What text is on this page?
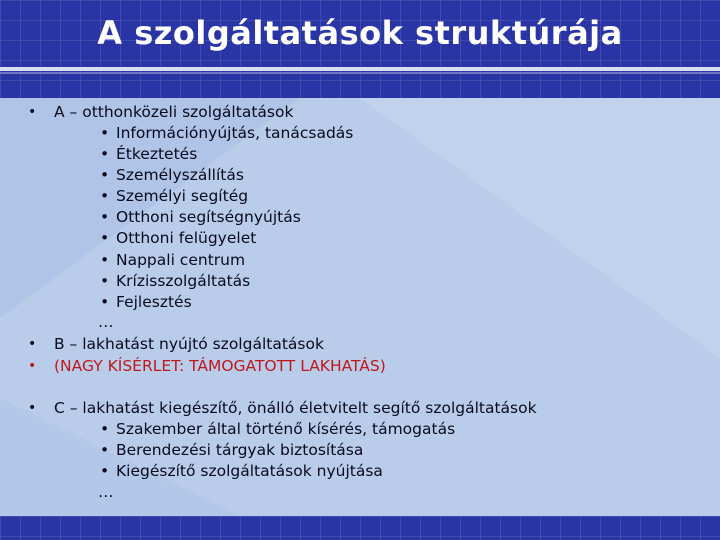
A szolgáltatások struktúrája
• A – otthonközeli szolgáltatások
• Információnyújtás, tanácsadás
• Étkeztetés
• Személyszállítás
• Személyi segítég
• Otthoni segítségnyújtás
• Otthoni felügyelet
• Nappali centrum
• Krízisszolgáltatás
• Fejlesztés
…
• B – lakhatást nyújtó szolgáltatások
• (NAGY KÍSÉRLET: TÁMOGATOTT LAKHATÁS)
• C – lakhatást kiegészítő, önálló életvitelt segítő szolgáltatások
• Szakember által történő kísérés, támogatás
• Berendezési tárgyak biztosítása
• Kiegészítő szolgáltatások nyújtása
…
